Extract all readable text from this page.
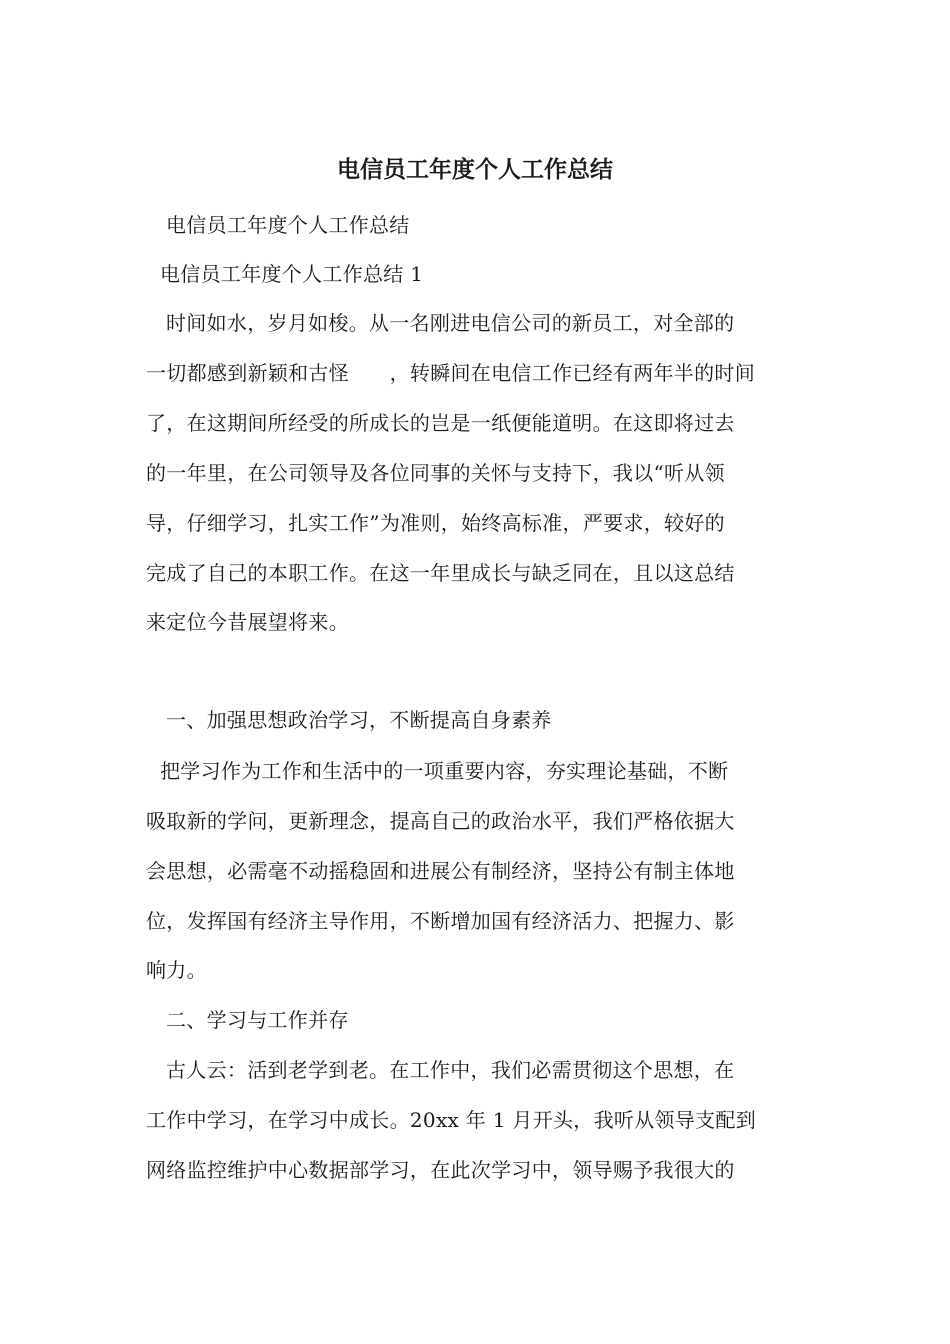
电信员工年度个人工作总结
电信员工年度个人工作总结
电信员工年度个人工作总结 1
时间如水，岁月如梭。从一名刚进电信公司的新员工，对全部的
一切都感到新颖和古怪　　，转瞬间在电信工作已经有两年半的时间
了，在这期间所经受的所成长的岂是一纸便能道明。在这即将过去
的一年里，在公司领导及各位同事的关怀与支持下，我以“听从领
导，仔细学习，扎实工作”为准则，始终高标准，严要求，较好的
完成了自己的本职工作。在这一年里成长与缺乏同在，且以这总结
来定位今昔展望将来。
一、加强思想政治学习，不断提高自身素养
把学习作为工作和生活中的一项重要内容，夯实理论基础，不断
吸取新的学问，更新理念，提高自己的政治水平，我们严格依据大
会思想，必需毫不动摇稳固和进展公有制经济，坚持公有制主体地
位，发挥国有经济主导作用，不断增加国有经济活力、把握力、影
响力。
二、学习与工作并存
古人云：活到老学到老。在工作中，我们必需贯彻这个思想，在
工作中学习，在学习中成长。20xx 年 1 月开头，我听从领导支配到
网络监控维护中心数据部学习，在此次学习中，领导赐予我很大的
